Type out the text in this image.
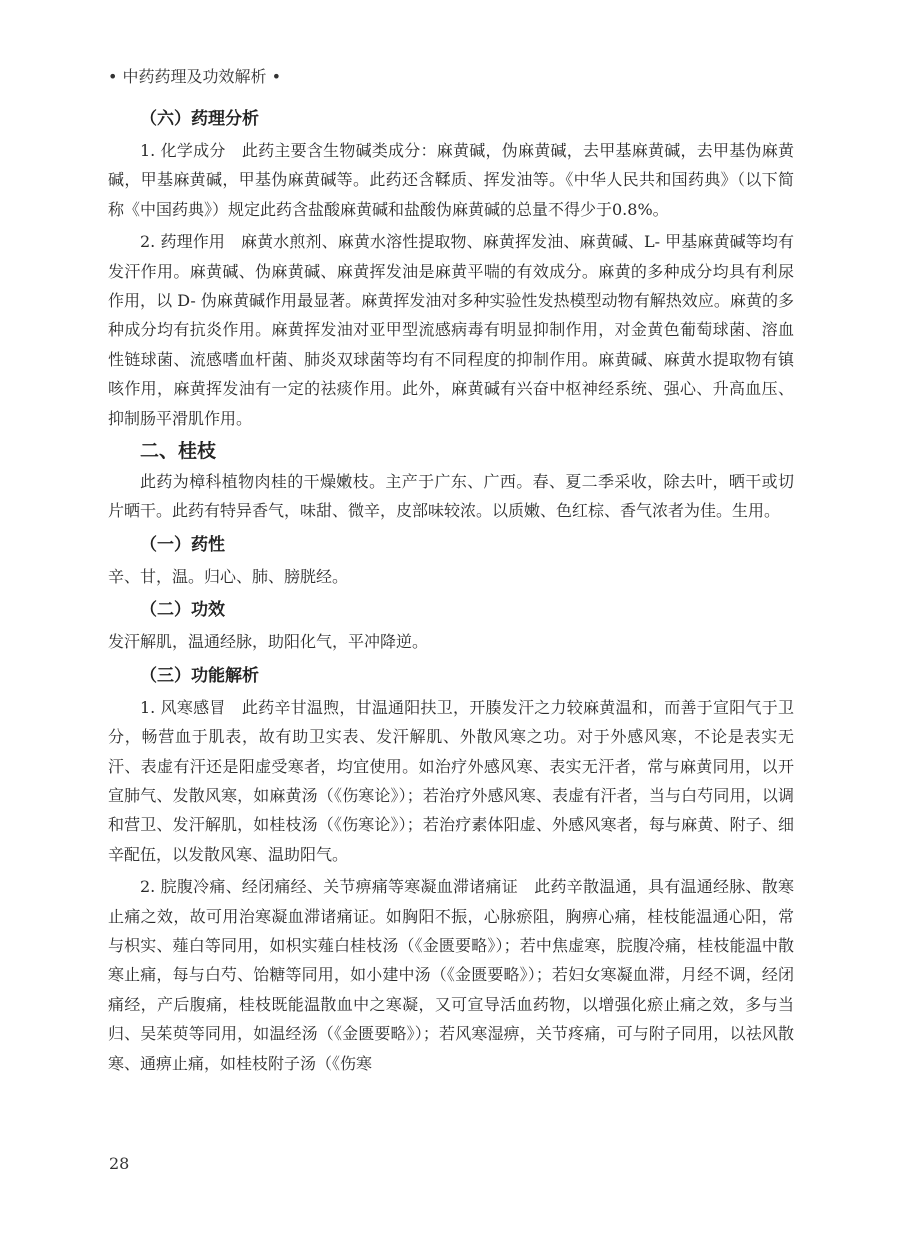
• 中药药理及功效解析 •
（六）药理分析

1. 化学成分　此药主要含生物碱类成分：麻黄碱，伪麻黄碱，去甲基麻黄碱，去甲基伪麻黄碱，甲基麻黄碱，甲基伪麻黄碱等。此药还含鞣质、挥发油等。《中华人民共和国药典》（以下简称《中国药典》）规定此药含盐酸麻黄碱和盐酸伪麻黄碱的总量不得少于0.8%。

2. 药理作用　麻黄水煎剂、麻黄水溶性提取物、麻黄挥发油、麻黄碱、L- 甲基麻黄碱等均有发汗作用。麻黄碱、伪麻黄碱、麻黄挥发油是麻黄平喘的有效成分。麻黄的多种成分均具有利尿作用，以 D- 伪麻黄碱作用最显著。麻黄挥发油对多种实验性发热模型动物有解热效应。麻黄的多种成分均有抗炎作用。麻黄挥发油对亚甲型流感病毒有明显抑制作用，对金黄色葡萄球菌、溶血性链球菌、流感嗜血杆菌、肺炎双球菌等均有不同程度的抑制作用。麻黄碱、麻黄水提取物有镇咳作用，麻黄挥发油有一定的祛痰作用。此外，麻黄碱有兴奋中枢神经系统、强心、升高血压、抑制肠平滑肌作用。

二、桂枝

此药为樟科植物肉桂的干燥嫩枝。主产于广东、广西。春、夏二季采收，除去叶，晒干或切片晒干。此药有特异香气，味甜、微辛，皮部味较浓。以质嫩、色红棕、香气浓者为佳。生用。

（一）药性

辛、甘，温。归心、肺、膀胱经。

（二）功效

发汗解肌，温通经脉，助阳化气，平冲降逆。

（三）功能解析

1. 风寒感冒　此药辛甘温煦，甘温通阳扶卫，开腠发汗之力较麻黄温和，而善于宣阳气于卫分，畅营血于肌表，故有助卫实表、发汗解肌、外散风寒之功。对于外感风寒，不论是表实无汗、表虚有汗还是阳虚受寒者，均宜使用。如治疗外感风寒、表实无汗者，常与麻黄同用，以开宣肺气、发散风寒，如麻黄汤（《伤寒论》）；若治疗外感风寒、表虚有汗者，当与白芍同用，以调和营卫、发汗解肌，如桂枝汤（《伤寒论》）；若治疗素体阳虚、外感风寒者，每与麻黄、附子、细辛配伍，以发散风寒、温助阳气。

2. 脘腹冷痛、经闭痛经、关节痹痛等寒凝血滞诸痛证　此药辛散温通，具有温通经脉、散寒止痛之效，故可用治寒凝血滞诸痛证。如胸阳不振，心脉瘀阻，胸痹心痛，桂枝能温通心阳，常与枳实、薤白等同用，如枳实薤白桂枝汤（《金匮要略》）；若中焦虚寒，脘腹冷痛，桂枝能温中散寒止痛，每与白芍、饴糖等同用，如小建中汤（《金匮要略》）；若妇女寒凝血滞，月经不调，经闭痛经，产后腹痛，桂枝既能温散血中之寒凝，又可宣导活血药物，以增强化瘀止痛之效，多与当归、吴茱萸等同用，如温经汤（《金匮要略》）；若风寒湿痹，关节疼痛，可与附子同用，以祛风散寒、通痹止痛，如桂枝附子汤（《伤寒

28
